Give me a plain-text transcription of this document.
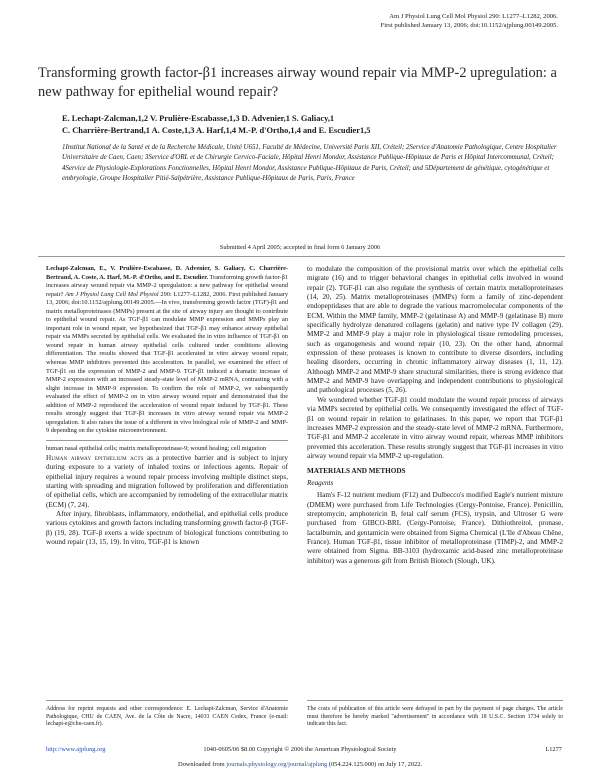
Am J Physiol Lung Cell Mol Physiol 290: L1277–L1282, 2006.
First published January 13, 2006; doi:10.1152/ajplung.00149.2005.
Transforming growth factor-β1 increases airway wound repair via MMP-2 upregulation: a new pathway for epithelial wound repair?
E. Lechapt-Zalcman,1,2 V. Prulière-Escabasse,1,3 D. Advenier,1 S. Galiacy,1
C. Charrière-Bertrand,1 A. Coste,1,3 A. Harf,1,4 M.-P. d'Ortho,1,4 and E. Escudier1,5
1Institut National de la Santé et de la Recherche Médicale, Unité U651, Faculté de Médecine, Université Paris XII, Créteil; 2Service d'Anatomie Pathologique, Centre Hospitalier Universitaire de Caen, Caen; 3Service d'ORL et de Chirurgie Cervico-Faciale, Hôpital Henri Mondor, Assistance Publique-Hôpitaux de Paris et Hôpital Intercommunal, Créteil; 4Service de Physiologie-Explorations Fonctionnelles, Hôpital Henri Mondor, Assistance Publique-Hôpitaux de Paris, Créteil; and 5Département de génétique, cytogénétique et embryologie, Groupe Hospitalier Pitié-Salpétrière, Assistance Publique-Hôpitaux de Paris, Paris, France
Submitted 4 April 2005; accepted in final form 6 January 2006

Lechapt-Zalcman, E., V. Prulière-Escabasse, D. Advenier, S. Galiacy, C. Charrière-Bertrand, A. Coste, A. Harf, M.-P. d'Ortho, and E. Escudier. Transforming growth factor-β1 increases airway wound repair via MMP-2 upregulation: a new pathway for epithelial wound repair? Am J Physiol Lung Cell Mol Physiol 290: L1277–L1282, 2006. First published January 13, 2006; doi:10.1152/ajplung.00149.2005.—In vivo, transforming growth factor (TGF)-β1 and matrix metalloproteinases (MMPs) present at the site of airway injury are thought to contribute to epithelial wound repair. As TGF-β1 can modulate MMP expression and MMPs play an important role in wound repair, we hypothesized that TGF-β1 may enhance airway epithelial repair via MMPs secreted by epithelial cells. We evaluated the in vitro influence of TGF-β1 on wound repair in human airway epithelial cells cultured under conditions allowing differentiation. The results showed that TGF-β1 accelerated in vitro airway wound repair, whereas MMP inhibitors prevented this acceleration. In parallel, we examined the effect of TGF-β1 on the expression of MMP-2 and MMP-9. TGF-β1 induced a dramatic increase of MMP-2 expression with an increased steady-state level of MMP-2 mRNA, contrasting with a slight increase in MMP-9 expression. To confirm the role of MMP-2, we subsequently evaluated the effect of MMP-2 on in vitro airway wound repair and demonstrated that the addition of MMP-2 reproduced the acceleration of wound repair induced by TGF-β1. These results strongly suggest that TGF-β1 increases in vitro airway wound repair via MMP-2 upregulation. It also raises the issue of a different in vivo biological role of MMP-2 and MMP-9 depending on the cytokine microenvironment.

human nasal epithelial cells; matrix metalloproteinase-9; wound healing; cell migration

Human airway epithelium acts as a protective barrier and is subject to injury during exposure to a variety of inhaled toxins or infectious agents. Repair of epithelial injury requires a wound repair process involving multiple distinct steps, starting with spreading and migration followed by proliferation and differentiation of epithelial cells, which are accompanied by remodeling of the extracellular matrix (ECM) (7, 24).

After injury, fibroblasts, inflammatory, endothelial, and epithelial cells produce various cytokines and growth factors including transforming growth factor-β (TGF-β) (19, 28). TGF-β exerts a wide spectrum of biological functions contributing to wound repair (13, 15, 19). In vitro, TGF-β1 is known

to modulate the composition of the provisional matrix over which the epithelial cells migrate (16) and to trigger behavioral changes in epithelial cells involved in wound repair (2). TGF-β1 can also regulate the synthesis of certain matrix metalloproteinases (14, 20, 25). Matrix metalloproteinases (MMPs) form a family of zinc-dependent endopeptidases that are able to degrade the various macromolecular components of the ECM. Within the MMP family, MMP-2 (gelatinase A) and MMP-9 (gelatinase B) more specifically hydrolyze denatured collagens (gelatin) and native type IV collagen (29). MMP-2 and MMP-9 play a major role in physiological tissue remodeling processes, such as organogenesis and wound repair (10, 23). On the other hand, abnormal expression of these proteases is known to contribute to diverse disorders, including healing disorders, occurring in chronic inflammatory airway diseases (1, 11, 12). Although MMP-2 and MMP-9 share structural similarities, there is strong evidence that MMP-2 and MMP-9 have overlapping and independent contributions to physiological and pathological processes (5, 26).

We wondered whether TGF-β1 could modulate the wound repair process of airways via MMPs secreted by epithelial cells. We consequently investigated the effect of TGF-β1 on wound repair in relation to gelatinases. In this paper, we report that TGF-β1 increases MMP-2 expression and the steady-state level of MMP-2 mRNA. Furthermore, TGF-β1 and MMP-2 accelerate in vitro airway wound repair, whereas MMP inhibitors prevented this acceleration. These results strongly suggest that TGF-β1 increases in vitro airway wound repair via MMP-2 up-regulation.

MATERIALS AND METHODS
Reagents

Ham's F-12 nutrient medium (F12) and Dulbecco's modified Eagle's nutrient mixture (DMEM) were purchased from Life Technologies (Cergy-Pontoise, France). Penicillin, streptomycin, amphotericin B, fetal calf serum (FCS), trypsin, and Ultroser G were purchased from GIBCO-BRL (Cergy-Pontoise, France). Dithiothreitol, pronase, lactalbumin, and gentamicin were obtained from Sigma Chemical (L'Ile d'Abeau Chêne, France). Human TGF-β1, tissue inhibitor of metalloproteinase (TIMP)-2, and MMP-2 were obtained from Sigma. BB-3103 (hydroxamic acid-based zinc metalloproteinase inhibitor) was a generous gift from British Biotech (Slough, UK).

Address for reprint requests and other correspondence: E. Lechapt-Zalcman, Service d'Anatomie Pathologique, CHU de CAEN, Ave. de la Côte de Nacre, 14033 CAEN Cedex, France (e-mail: lechapt-e@chu-caen.fr).

The costs of publication of this article were defrayed in part by the payment of page charges. The article must therefore be hereby marked "advertisement" in accordance with 18 U.S.C. Section 1734 solely to indicate this fact.

1040-0605/06 $8.00 Copyright © 2006 the American Physiological Society
http://www.ajplung.org	L1277
Downloaded from journals.physiology.org/journal/ajplung (054.224.125.000) on July 17, 2022.
